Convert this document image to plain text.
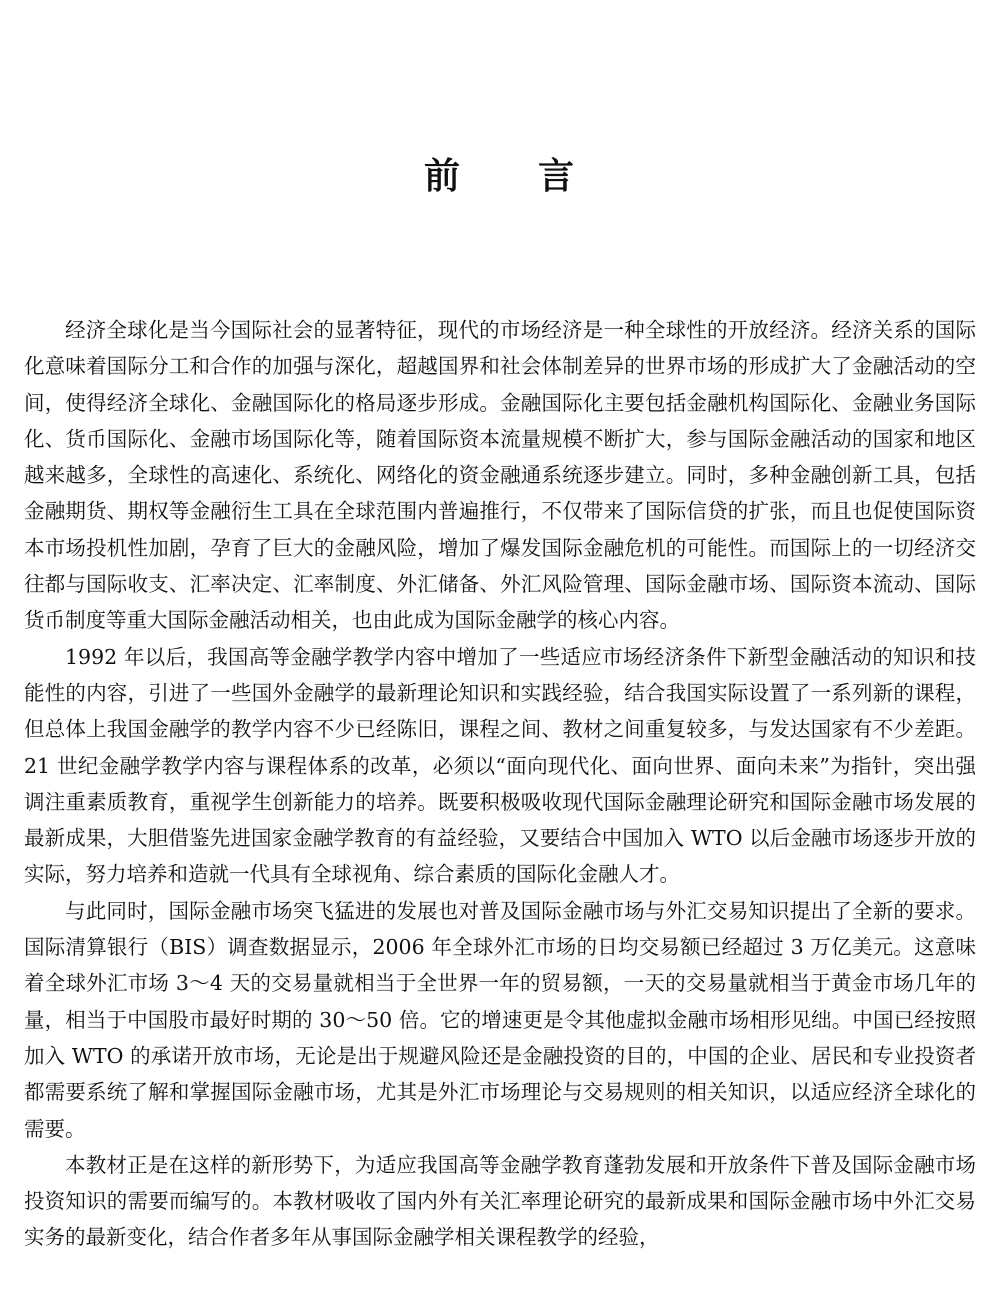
前 言

经济全球化是当今国际社会的显著特征，现代的市场经济是一种全球性的开放经济。经济关系的国际化意味着国际分工和合作的加强与深化，超越国界和社会体制差异的世界市场的形成扩大了金融活动的空间，使得经济全球化、金融国际化的格局逐步形成。金融国际化主要包括金融机构国际化、金融业务国际化、货币国际化、金融市场国际化等，随着国际资本流量规模不断扩大，参与国际金融活动的国家和地区越来越多，全球性的高速化、系统化、网络化的资金融通系统逐步建立。同时，多种金融创新工具，包括金融期货、期权等金融衍生工具在全球范围内普遍推行，不仅带来了国际信贷的扩张，而且也促使国际资本市场投机性加剧，孕育了巨大的金融风险，增加了爆发国际金融危机的可能性。而国际上的一切经济交往都与国际收支、汇率决定、汇率制度、外汇储备、外汇风险管理、国际金融市场、国际资本流动、国际货币制度等重大国际金融活动相关，也由此成为国际金融学的核心内容。

1992 年以后，我国高等金融学教学内容中增加了一些适应市场经济条件下新型金融活动的知识和技能性的内容，引进了一些国外金融学的最新理论知识和实践经验，结合我国实际设置了一系列新的课程，但总体上我国金融学的教学内容不少已经陈旧，课程之间、教材之间重复较多，与发达国家有不少差距。21 世纪金融学教学内容与课程体系的改革，必须以“面向现代化、面向世界、面向未来”为指针，突出强调注重素质教育，重视学生创新能力的培养。既要积极吸收现代国际金融理论研究和国际金融市场发展的最新成果，大胆借鉴先进国家金融学教育的有益经验，又要结合中国加入 WTO 以后金融市场逐步开放的实际，努力培养和造就一代具有全球视角、综合素质的国际化金融人才。

与此同时，国际金融市场突飞猛进的发展也对普及国际金融市场与外汇交易知识提出了全新的要求。国际清算银行（BIS）调查数据显示，2006 年全球外汇市场的日均交易额已经超过 3 万亿美元。这意味着全球外汇市场 3～4 天的交易量就相当于全世界一年的贸易额，一天的交易量就相当于黄金市场几年的量，相当于中国股市最好时期的 30～50 倍。它的增速更是令其他虚拟金融市场相形见绌。中国已经按照加入 WTO 的承诺开放市场，无论是出于规避风险还是金融投资的目的，中国的企业、居民和专业投资者都需要系统了解和掌握国际金融市场，尤其是外汇市场理论与交易规则的相关知识，以适应经济全球化的需要。

本教材正是在这样的新形势下，为适应我国高等金融学教育蓬勃发展和开放条件下普及国际金融市场投资知识的需要而编写的。本教材吸收了国内外有关汇率理论研究的最新成果和国际金融市场中外汇交易实务的最新变化，结合作者多年从事国际金融学相关课程教学的经验，
